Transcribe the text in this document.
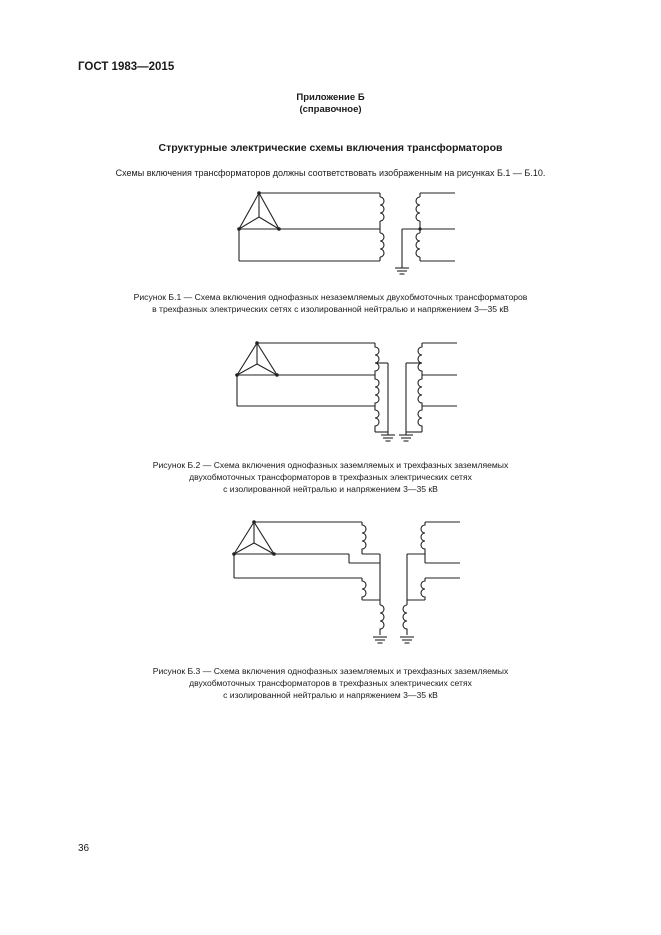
ГОСТ 1983—2015
Приложение Б
(справочное)
Структурные электрические схемы включения трансформаторов
Схемы включения трансформаторов должны соответствовать изображенным на рисунках Б.1 — Б.10.
Рисунок Б.1 — Схема включения однофазных незаземляемых двухобмоточных трансформаторов
в трехфазных электрических сетях с изолированной нейтралью и напряжением 3—35 кВ
Рисунок Б.2 — Схема включения однофазных заземляемых и трехфазных заземляемых
двухобмоточных трансформаторов в трехфазных электрических сетях
с изолированной нейтралью и напряжением 3—35 кВ
Рисунок Б.3 — Схема включения однофазных заземляемых и трехфазных заземляемых
двухобмоточных трансформаторов в трехфазных электрических сетях
с изолированной нейтралью и напряжением 3—35 кВ
36
